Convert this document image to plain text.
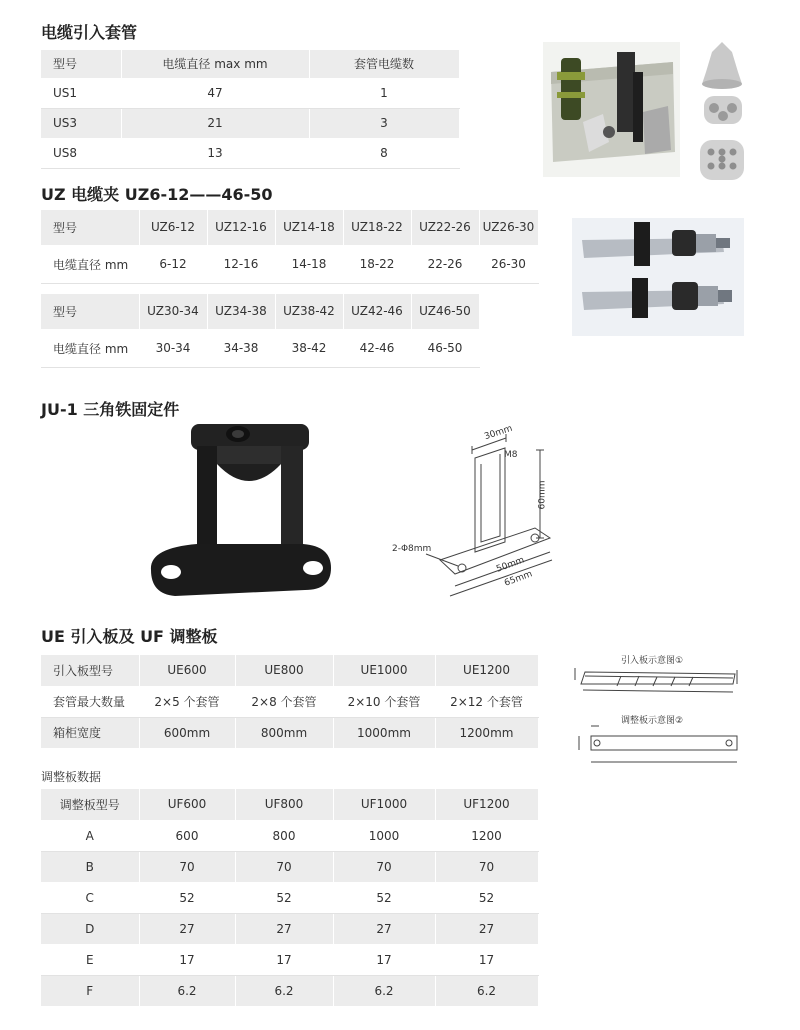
电缆引入套管
型号	电缆直径 max mm	套管电缆数
US1	47	1
US3	21	3
US8	13	8
UZ 电缆夹 UZ6-12——46-50
型号	UZ6-12	UZ12-16	UZ14-18	UZ18-22	UZ22-26	UZ26-30
电缆直径 mm	6-12	12-16	14-18	18-22	22-26	26-30
型号	UZ30-34	UZ34-38	UZ38-42	UZ42-46	UZ46-50
电缆直径 mm	30-34	34-38	38-42	42-46	46-50
JU-1 三角铁固定件
30mm
M8
60mm
2-Φ8mm
50mm
65mm
UE 引入板及 UF 调整板
引入板型号	UE600	UE800	UE1000	UE1200
套管最大数量	2×5 个套管	2×8 个套管	2×10 个套管	2×12 个套管
箱柜宽度	600mm	800mm	1000mm	1200mm
引入板示意图①
调整板示意图②
调整板数据
调整板型号	UF600	UF800	UF1000	UF1200
A	600	800	1000	1200
B	70	70	70	70
C	52	52	52	52
D	27	27	27	27
E	17	17	17	17
F	6.2	6.2	6.2	6.2
